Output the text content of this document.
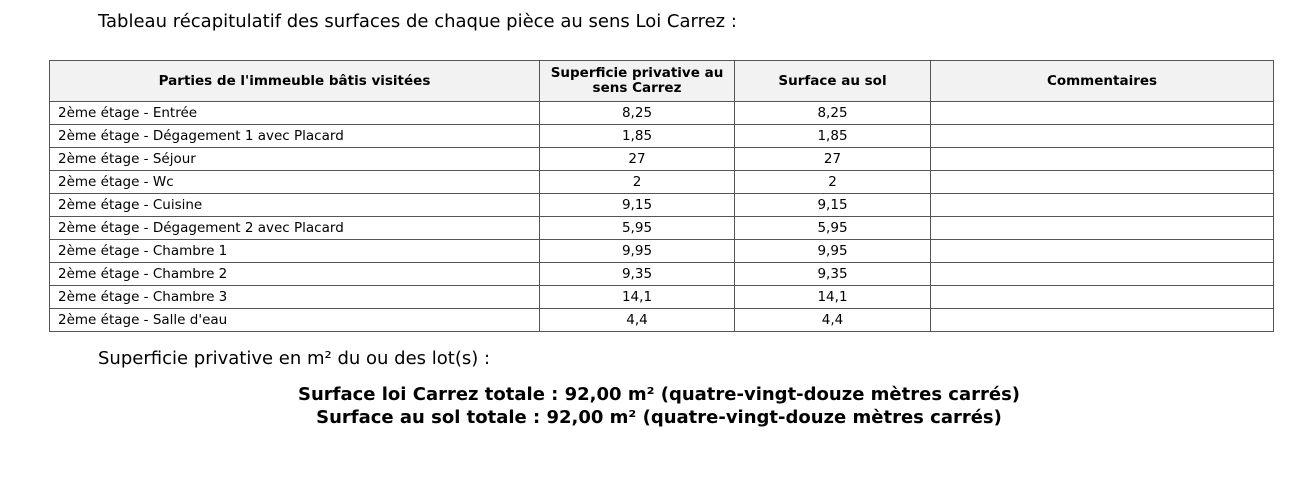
Tableau récapitulatif des surfaces de chaque pièce au sens Loi Carrez :
Parties de l'immeuble bâtis visitées	Superficie privative au sens Carrez	Surface au sol	Commentaires
2ème étage - Entrée	8,25	8,25	
2ème étage - Dégagement 1 avec Placard	1,85	1,85	
2ème étage - Séjour	27	27	
2ème étage - Wc	2	2	
2ème étage - Cuisine	9,15	9,15	
2ème étage - Dégagement 2 avec Placard	5,95	5,95	
2ème étage - Chambre 1	9,95	9,95	
2ème étage - Chambre 2	9,35	9,35	
2ème étage - Chambre 3	14,1	14,1	
2ème étage - Salle d'eau	4,4	4,4	
Superficie privative en m² du ou des lot(s) :
Surface loi Carrez totale : 92,00 m² (quatre-vingt-douze mètres carrés)
Surface au sol totale : 92,00 m² (quatre-vingt-douze mètres carrés)
